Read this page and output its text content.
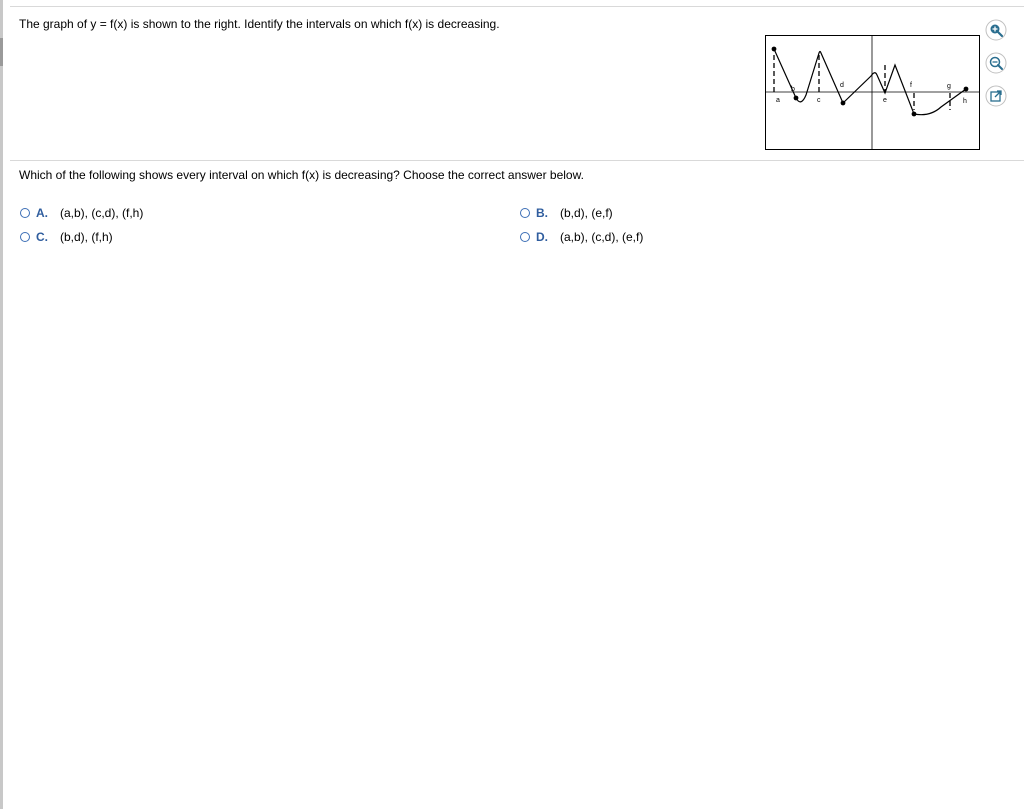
The graph of y = f(x) is shown to the right. Identify the intervals on which f(x) is decreasing.
a
b
c
d
e
f	g
h
Which of the following shows every interval on which f(x) is decreasing? Choose the correct answer below.
A.	(a,b), (c,d), (f,h)	B.	(b,d), (e,f)
C.	(b,d), (f,h)	D.	(a,b), (c,d), (e,f)
